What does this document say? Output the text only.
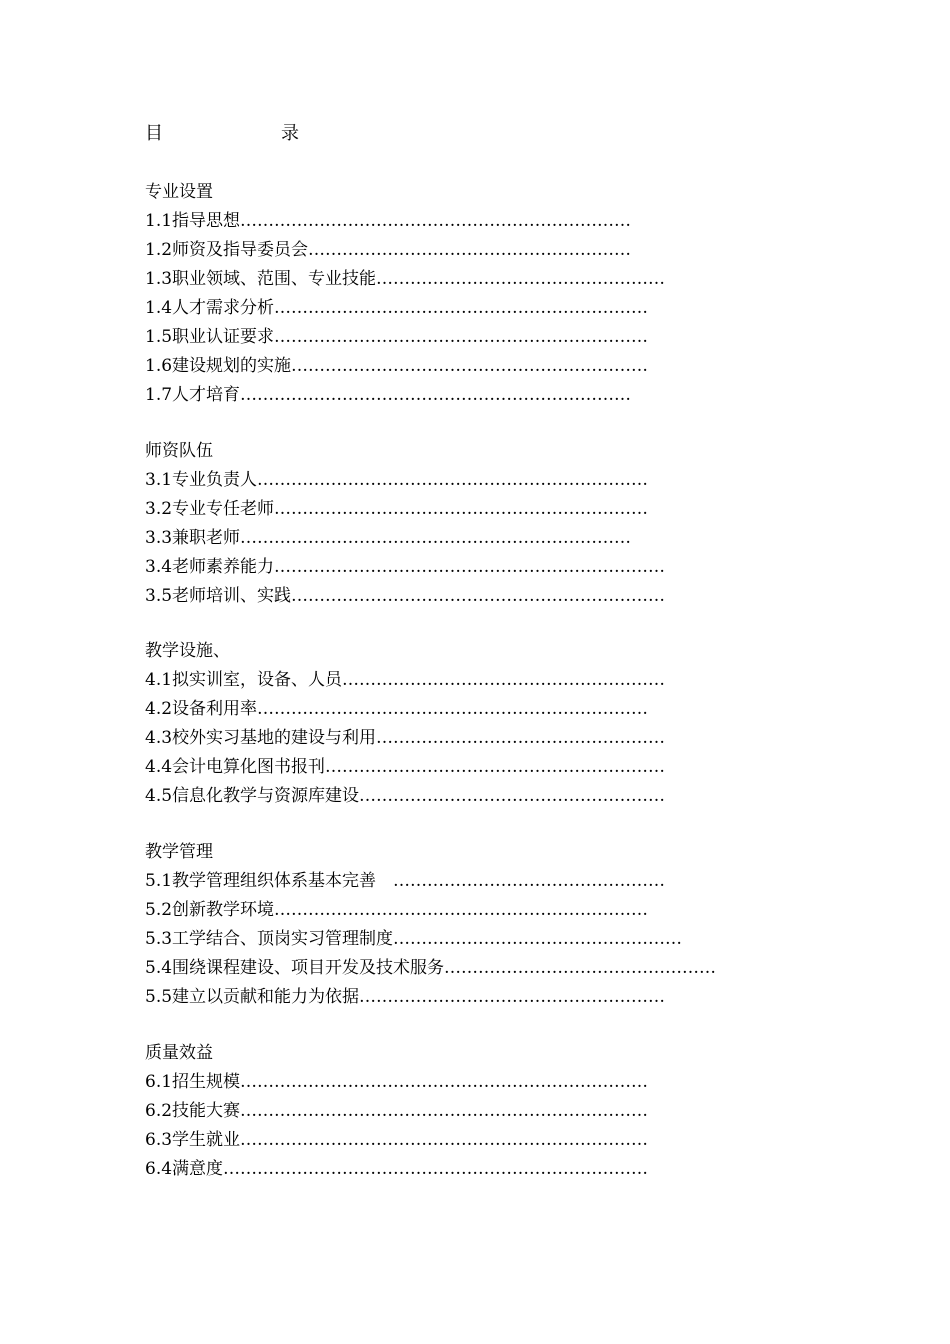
目	录
专业设置
1.1指导思想……………………………………………………………
1.2师资及指导委员会…………………………………………………
1.3职业领域、范围、专业技能……………………………………………
1.4人才需求分析…………………………………………………………
1.5职业认证要求…………………………………………………………
1.6建设规划的实施………………………………………………………
1.7人才培育……………………………………………………………
师资队伍
3.1专业负责人……………………………………………………………
3.2专业专任老师…………………………………………………………
3.3兼职老师……………………………………………………………
3.4老师素养能力……………………………………………………………
3.5老师培训、实践…………………………………………………………
教学设施、
4.1拟实训室，设备、人员…………………………………………………
4.2设备利用率……………………………………………………………
4.3校外实习基地的建设与利用……………………………………………
4.4会计电算化图书报刊……………………………………………………
4.5信息化教学与资源库建设………………………………………………
教学管理
5.1教学管理组织体系基本完善　…………………………………………
5.2创新教学环境…………………………………………………………
5.3工学结合、顶岗实习管理制度……………………………………………
5.4围绕课程建设、项目开发及技术服务…………………………………………
5.5建立以贡献和能力为依据………………………………………………
质量效益
6.1招生规模………………………………………………………………
6.2技能大赛………………………………………………………………
6.3学生就业………………………………………………………………
6.4满意度…………………………………………………………………
